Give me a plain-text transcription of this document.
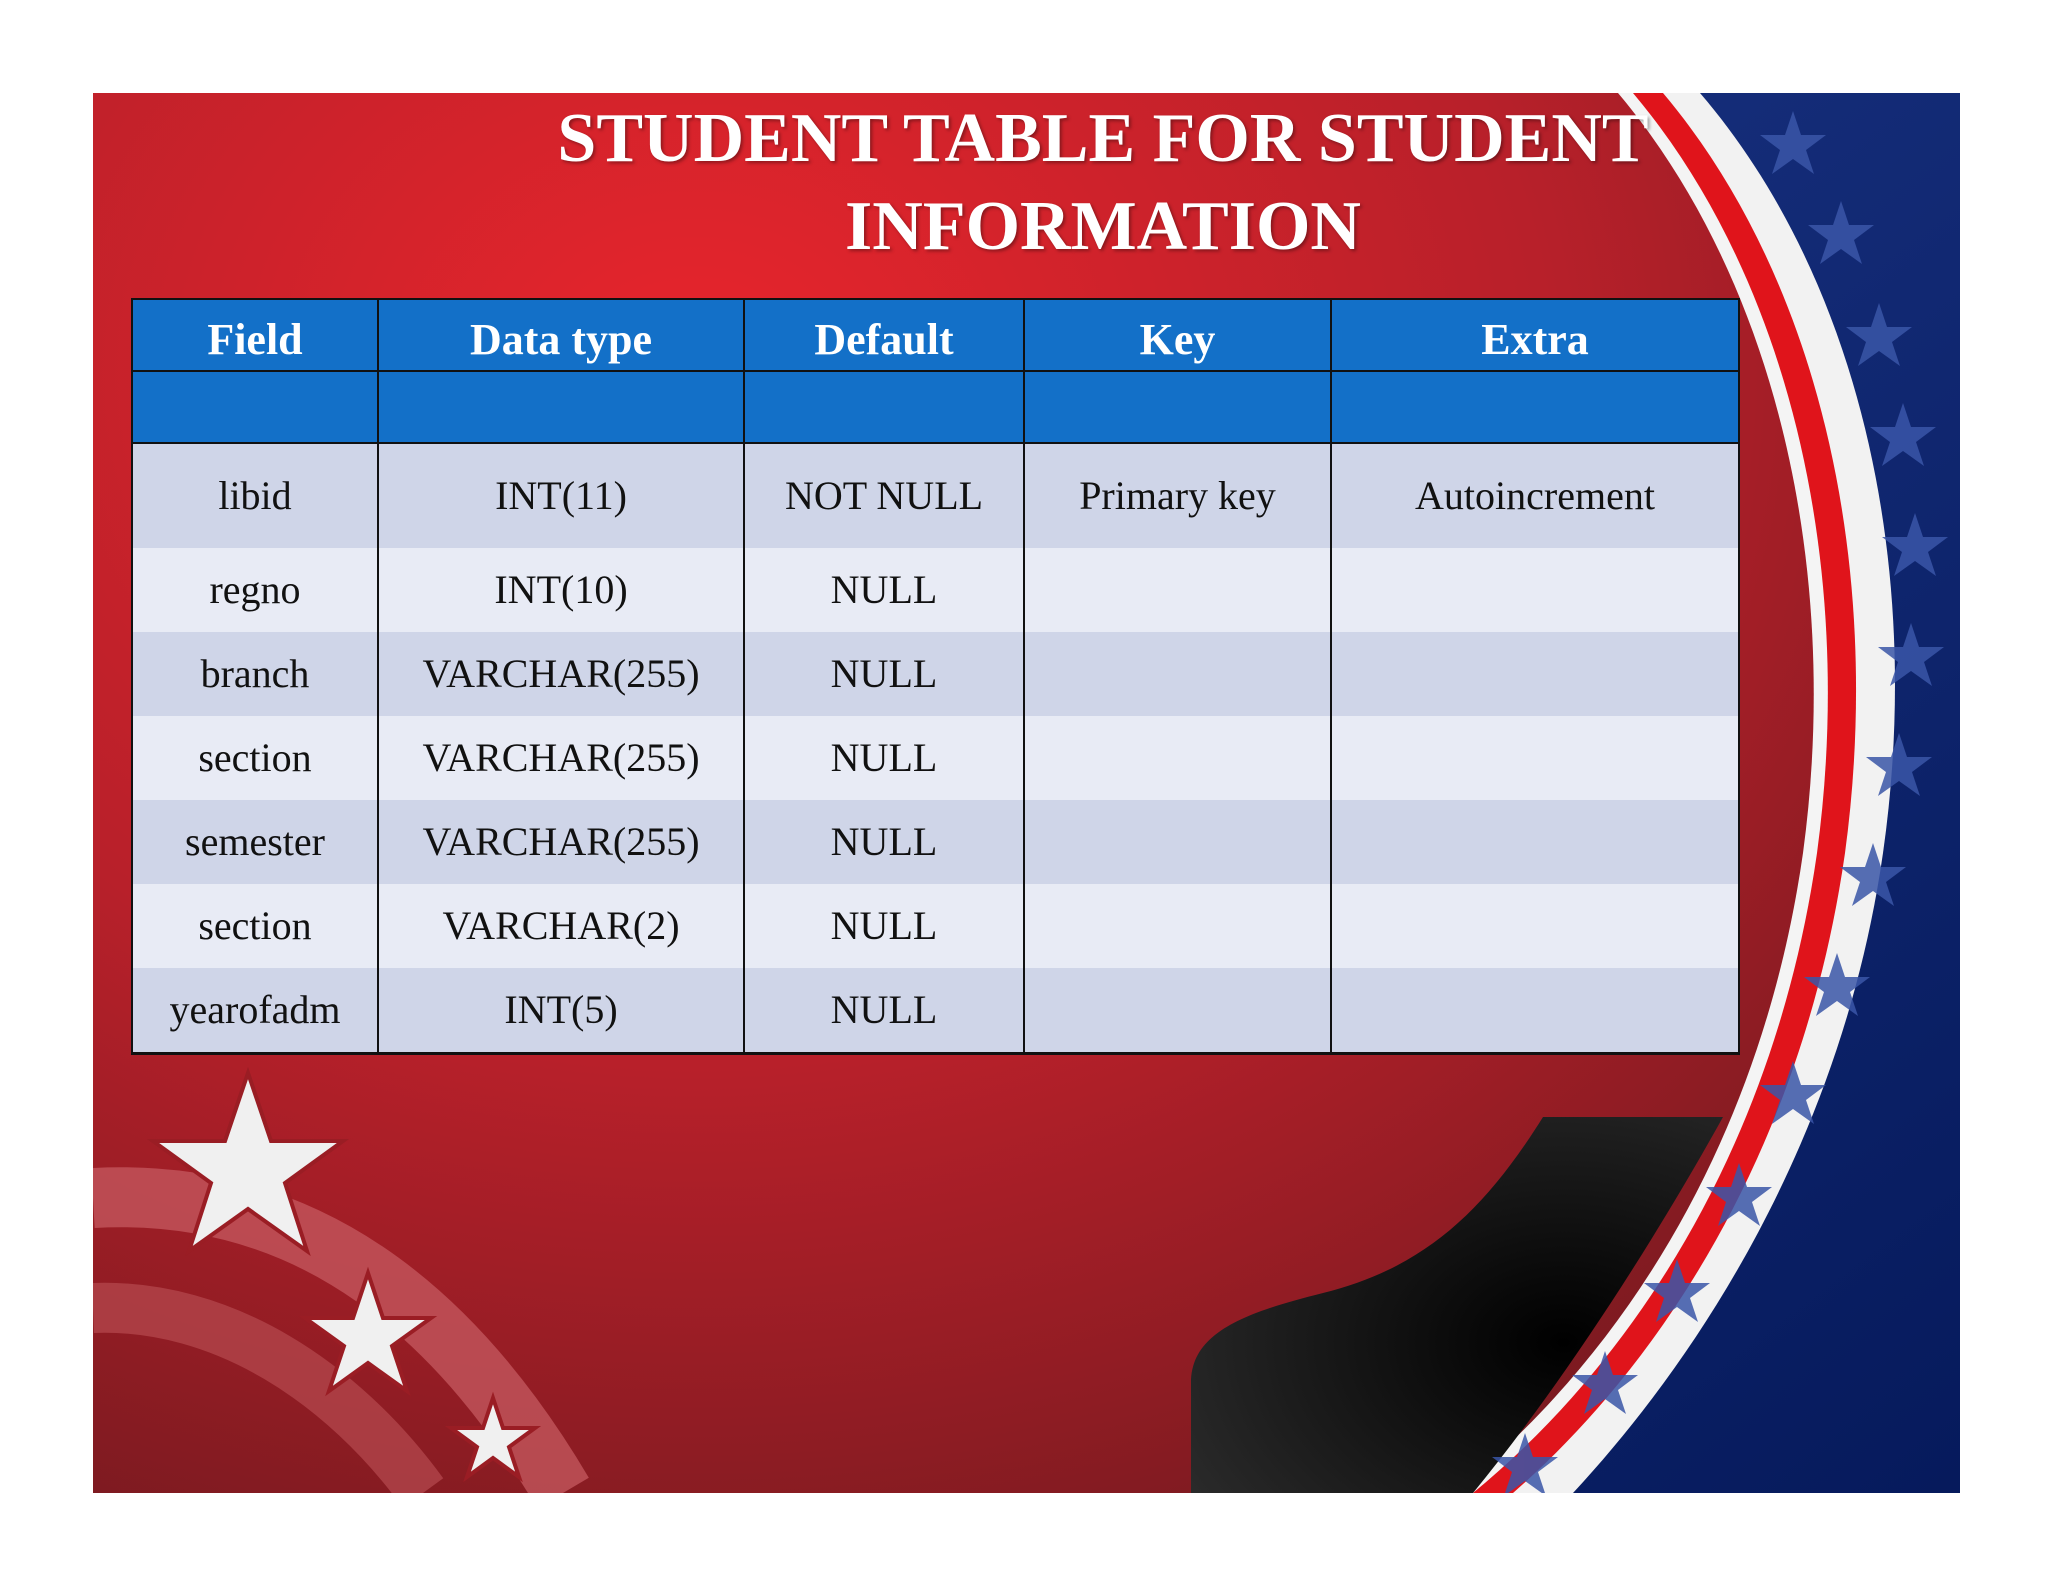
STUDENT TABLE FOR STUDENT
INFORMATION
Field	Data type	Default	Key	Extra

libid	INT(11)	NOT NULL	Primary key	Autoincrement
regno	INT(10)	NULL		
branch	VARCHAR(255)	NULL		
section	VARCHAR(255)	NULL		
semester	VARCHAR(255)	NULL		
section	VARCHAR(2)	NULL		
yearofadm	INT(5)	NULL		
